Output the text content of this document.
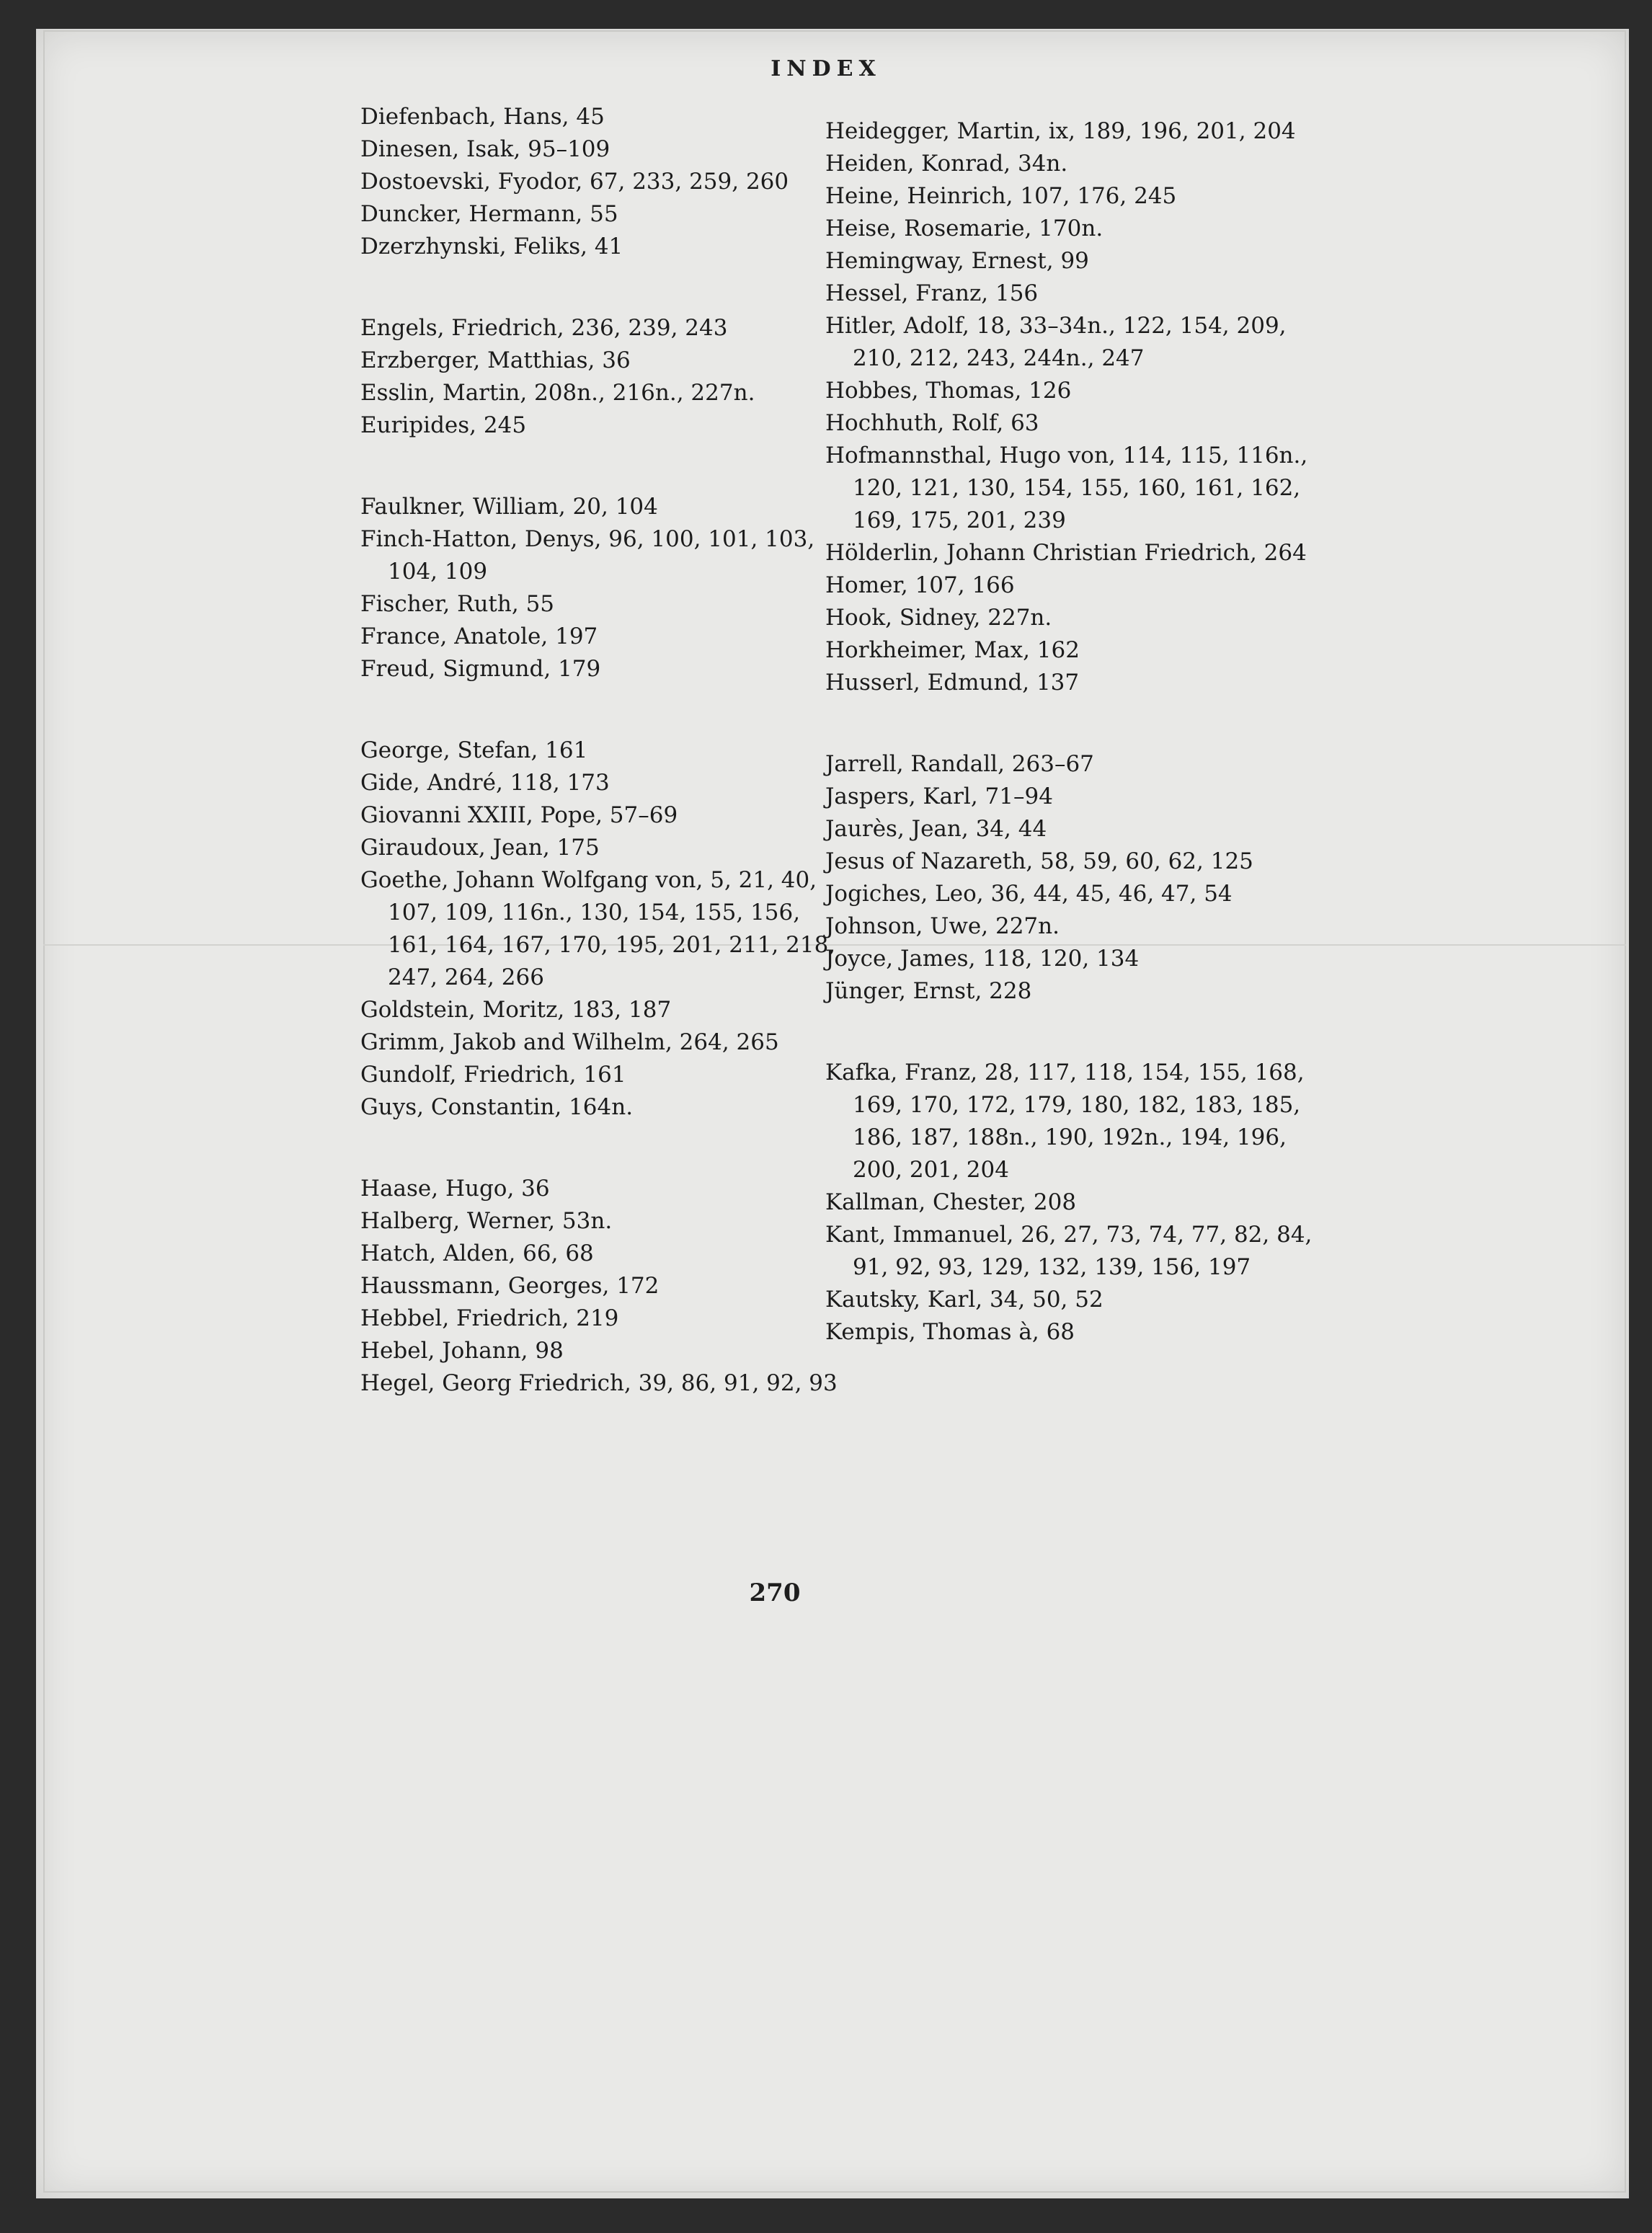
INDEX
Diefenbach, Hans, 45
Dinesen, Isak, 95–109
Dostoevski, Fyodor, 67, 233, 259, 260
Duncker, Hermann, 55
Dzerzhynski, Feliks, 41
Engels, Friedrich, 236, 239, 243
Erzberger, Matthias, 36
Esslin, Martin, 208n., 216n., 227n.
Euripides, 245
Faulkner, William, 20, 104
Finch-Hatton, Denys, 96, 100, 101, 103, 104, 109
Fischer, Ruth, 55
France, Anatole, 197
Freud, Sigmund, 179
George, Stefan, 161
Gide, André, 118, 173
Giovanni XXIII, Pope, 57–69
Giraudoux, Jean, 175
Goethe, Johann Wolfgang von, 5, 21, 40, 107, 109, 116n., 130, 154, 155, 156, 161, 164, 167, 170, 195, 201, 211, 218, 247, 264, 266
Goldstein, Moritz, 183, 187
Grimm, Jakob and Wilhelm, 264, 265
Gundolf, Friedrich, 161
Guys, Constantin, 164n.
Haase, Hugo, 36
Halberg, Werner, 53n.
Hatch, Alden, 66, 68
Haussmann, Georges, 172
Hebbel, Friedrich, 219
Hebel, Johann, 98
Hegel, Georg Friedrich, 39, 86, 91, 92, 93
Heidegger, Martin, ix, 189, 196, 201, 204
Heiden, Konrad, 34n.
Heine, Heinrich, 107, 176, 245
Heise, Rosemarie, 170n.
Hemingway, Ernest, 99
Hessel, Franz, 156
Hitler, Adolf, 18, 33–34n., 122, 154, 209, 210, 212, 243, 244n., 247
Hobbes, Thomas, 126
Hochhuth, Rolf, 63
Hofmannsthal, Hugo von, 114, 115, 116n., 120, 121, 130, 154, 155, 160, 161, 162, 169, 175, 201, 239
Hölderlin, Johann Christian Friedrich, 264
Homer, 107, 166
Hook, Sidney, 227n.
Horkheimer, Max, 162
Husserl, Edmund, 137
Jarrell, Randall, 263–67
Jaspers, Karl, 71–94
Jaurès, Jean, 34, 44
Jesus of Nazareth, 58, 59, 60, 62, 125
Jogiches, Leo, 36, 44, 45, 46, 47, 54
Johnson, Uwe, 227n.
Joyce, James, 118, 120, 134
Jünger, Ernst, 228
Kafka, Franz, 28, 117, 118, 154, 155, 168, 169, 170, 172, 179, 180, 182, 183, 185, 186, 187, 188n., 190, 192n., 194, 196, 200, 201, 204
Kallman, Chester, 208
Kant, Immanuel, 26, 27, 73, 74, 77, 82, 84, 91, 92, 93, 129, 132, 139, 156, 197
Kautsky, Karl, 34, 50, 52
Kempis, Thomas à, 68
270
